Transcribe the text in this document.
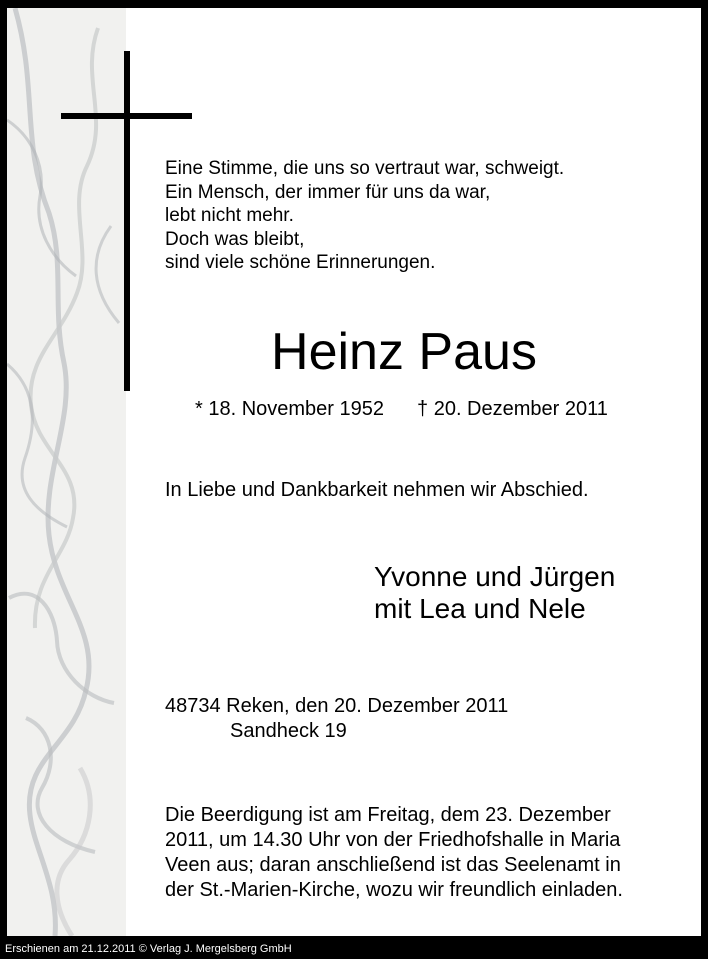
Eine Stimme, die uns so vertraut war, schweigt.
Ein Mensch, der immer für uns da war,
lebt nicht mehr.
Doch was bleibt,
sind viele schöne Erinnerungen.
Heinz Paus
* 18. November 1952 † 20. Dezember 2011
In Liebe und Dankbarkeit nehmen wir Abschied.
Yvonne und Jürgen
mit Lea und Nele
48734 Reken, den 20. Dezember 2011
Sandheck 19
Die Beerdigung ist am Freitag, dem 23. Dezember
2011, um 14.30 Uhr von der Friedhofshalle in Maria
Veen aus; daran anschließend ist das Seelenamt in
der St.-Marien-Kirche, wozu wir freundlich einladen.
Erschienen am 21.12.2011 © Verlag J. Mergelsberg GmbH
